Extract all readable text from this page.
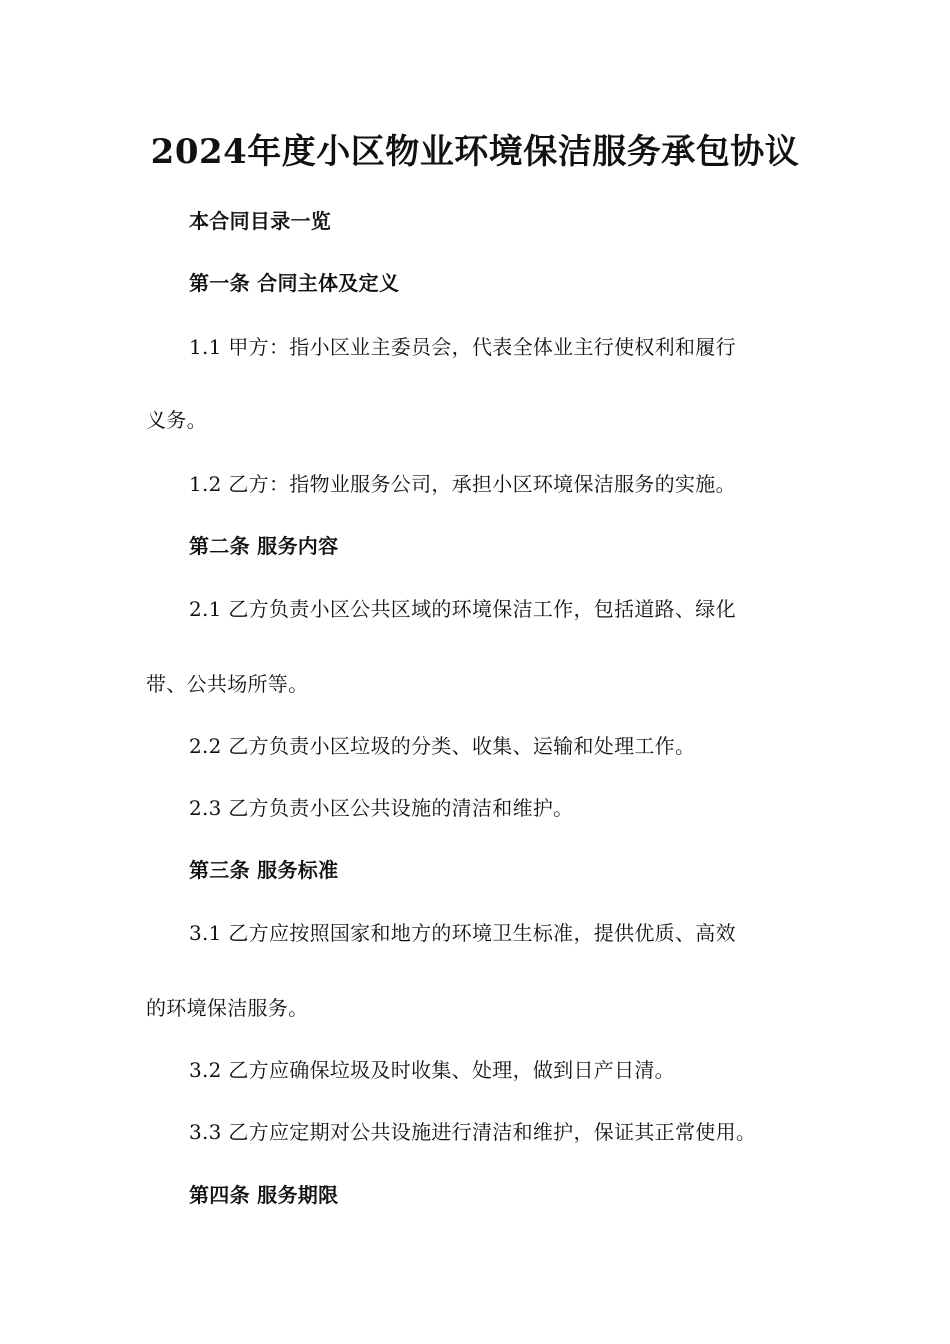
2024年度小区物业环境保洁服务承包协议
本合同目录一览
第一条 合同主体及定义
1.1 甲方：指小区业主委员会，代表全体业主行使权利和履行
义务。
1.2 乙方：指物业服务公司，承担小区环境保洁服务的实施。
第二条 服务内容
2.1 乙方负责小区公共区域的环境保洁工作，包括道路、绿化
带、公共场所等。
2.2 乙方负责小区垃圾的分类、收集、运输和处理工作。
2.3 乙方负责小区公共设施的清洁和维护。
第三条 服务标准
3.1 乙方应按照国家和地方的环境卫生标准，提供优质、高效
的环境保洁服务。
3.2 乙方应确保垃圾及时收集、处理，做到日产日清。
3.3 乙方应定期对公共设施进行清洁和维护，保证其正常使用。
第四条 服务期限
